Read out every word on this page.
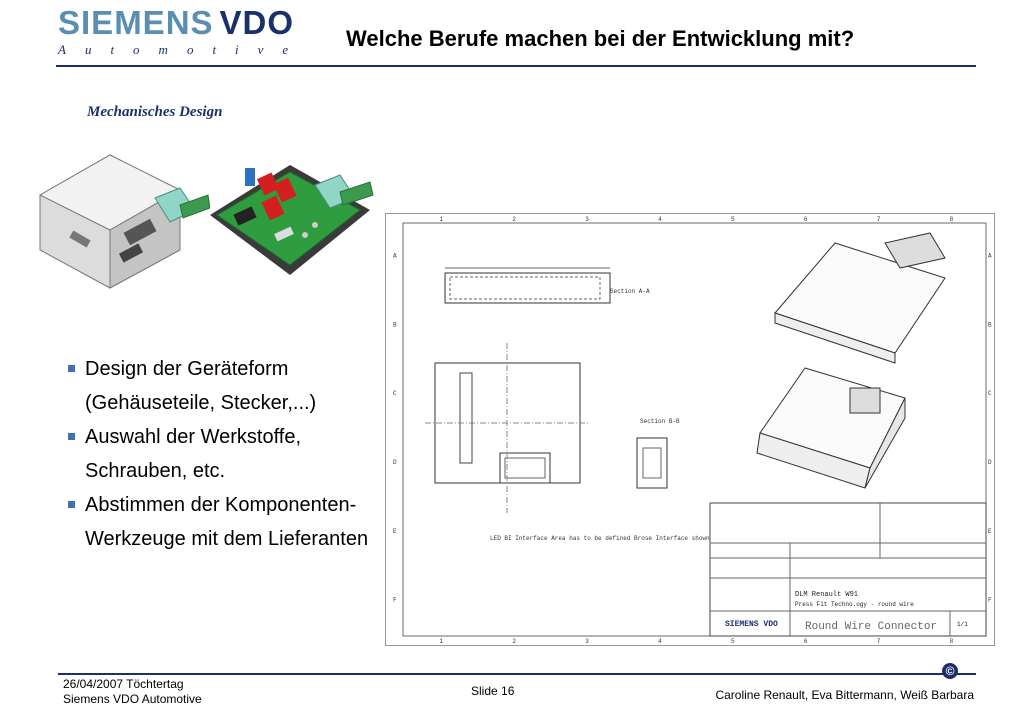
SIEMENS VDO
Automotive Welche Berufe machen bei der Entwicklung mit?
Mechanisches Design
Design der Geräteform (Gehäuseteile, Stecker,...)
Auswahl der Werkstoffe, Schrauben, etc.
Abstimmen der Komponenten-Werkzeuge mit dem Lieferanten
1
1
2
2
3
3
4
4
5
5
6
6
7
7
8
8
A	A
B	B
C	C
D	D
E	E
F	F
Section A-A
LED BI Interface Area has to be defined Brose Interface shown
Section B-B
DLM Renault W91
Press Fit Techno.ogy - round wire
SIEMENS VDO Round Wire Connector	1/1
©
26/04/2007 Töchtertag
Siemens VDO Automotive
Slide 16	Caroline Renault, Eva Bittermann, Weiß Barbara
